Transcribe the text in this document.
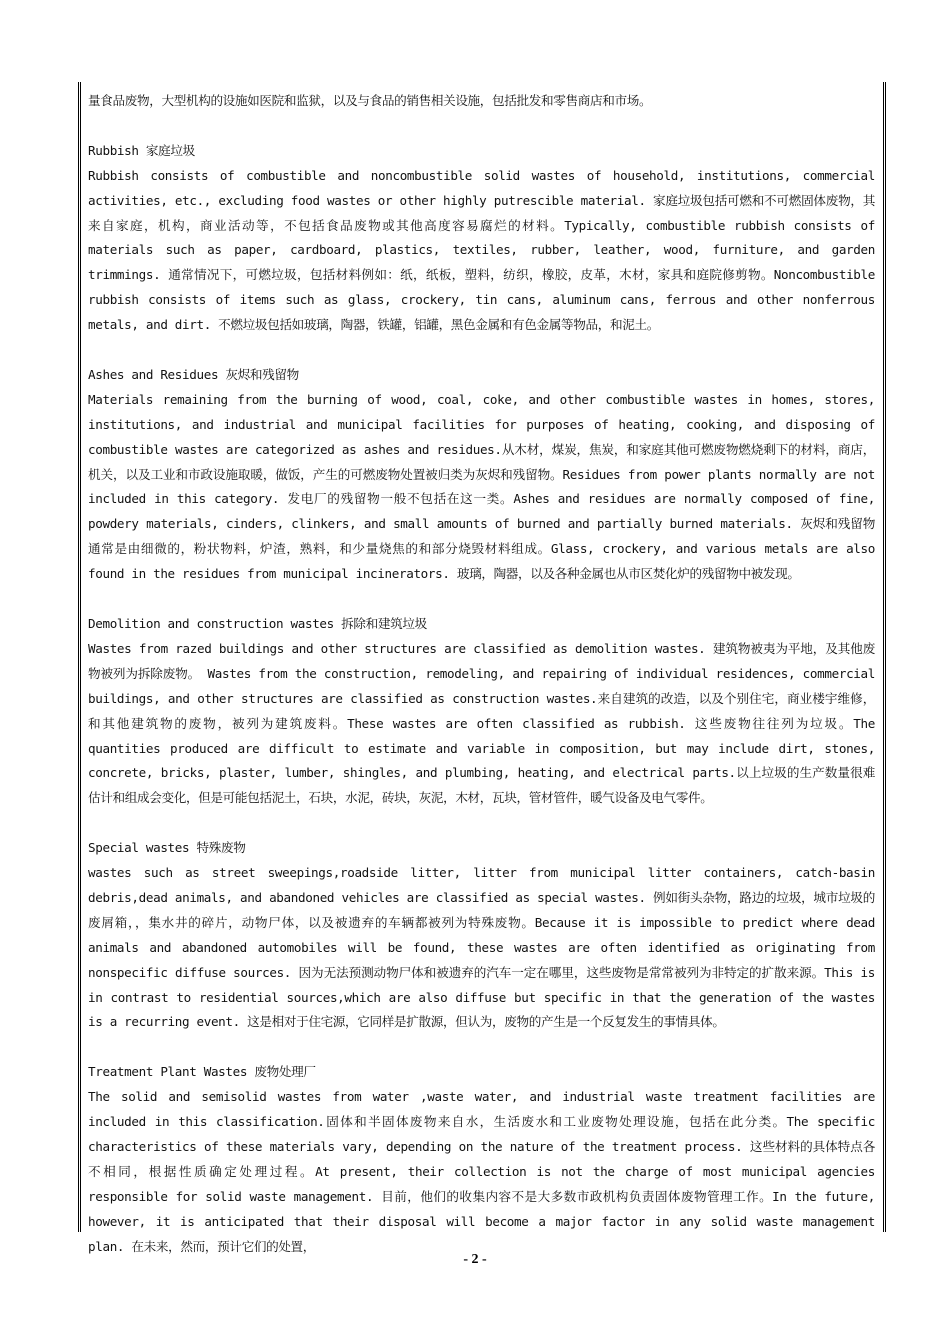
量食品废物，大型机构的设施如医院和监狱，以及与食品的销售相关设施，包括批发和零售商店和市场。

Rubbish 家庭垃圾

Rubbish consists of combustible and noncombustible solid wastes of household, institutions, commercial activities, etc., excluding food wastes or other highly putrescible material. 家庭垃圾包括可燃和不可燃固体废物，其来自家庭，机构，商业活动等，不包括食品废物或其他高度容易腐烂的材料。Typically, combustible rubbish consists of materials such as paper, cardboard, plastics, textiles, rubber, leather, wood, furniture, and garden trimmings. 通常情况下，可燃垃圾，包括材料例如：纸，纸板，塑料，纺织，橡胶，皮革，木材，家具和庭院修剪物。Noncombustible rubbish consists of items such as glass, crockery, tin cans, aluminum cans, ferrous and other nonferrous metals, and dirt. 不燃垃圾包括如玻璃，陶器，铁罐，铝罐，黑色金属和有色金属等物品，和泥土。

Ashes and Residues 灰烬和残留物

Materials remaining from the burning of wood, coal, coke, and other combustible wastes in homes, stores, institutions, and industrial and municipal facilities for purposes of heating, cooking, and disposing of combustible wastes are categorized as ashes and residues.从木材，煤炭，焦炭，和家庭其他可燃废物燃烧剩下的材料，商店，机关，以及工业和市政设施取暖，做饭，产生的可燃废物处置被归类为灰烬和残留物。Residues from power plants normally are not included in this category. 发电厂的残留物一般不包括在这一类。Ashes and residues are normally composed of fine, powdery materials, cinders, clinkers, and small amounts of burned and partially burned materials. 灰烬和残留物通常是由细微的，粉状物料，炉渣，熟料，和少量烧焦的和部分烧毁材料组成。Glass, crockery, and various metals are also found in the residues from municipal incinerators. 玻璃，陶器，以及各种金属也从市区焚化炉的残留物中被发现。

Demolition and construction wastes 拆除和建筑垃圾

Wastes from razed buildings and other structures are classified as demolition wastes. 建筑物被夷为平地，及其他废物被列为拆除废物。 Wastes from the construction, remodeling, and repairing of individual residences, commercial buildings, and other structures are classified as construction wastes.来自建筑的改造，以及个别住宅，商业楼宇维修，和其他建筑物的废物，被列为建筑废料。These wastes are often classified as rubbish. 这些废物往往列为垃圾。The quantities produced are difficult to estimate and variable in composition, but may include dirt, stones, concrete, bricks, plaster, lumber, shingles, and plumbing, heating, and electrical parts.以上垃圾的生产数量很难估计和组成会变化，但是可能包括泥土，石块，水泥，砖块，灰泥，木材，瓦块，管材管件，暖气设备及电气零件。

Special wastes 特殊废物

wastes such as street sweepings,roadside litter, litter from municipal litter containers, catch-basin debris,dead animals, and abandoned vehicles are classified as special wastes. 例如街头杂物，路边的垃圾，城市垃圾的废屑箱，，集水井的碎片，动物尸体，以及被遗弃的车辆都被列为特殊废物。Because it is impossible to predict where dead animals and abandoned automobiles will be found, these wastes are often identified as originating from nonspecific diffuse sources. 因为无法预测动物尸体和被遗弃的汽车一定在哪里，这些废物是常常被列为非特定的扩散来源。This is in contrast to residential sources,which are also diffuse but specific in that the generation of the wastes is a recurring event. 这是相对于住宅源，它同样是扩散源，但认为，废物的产生是一个反复发生的事情具体。

Treatment Plant Wastes 废物处理厂

The solid and semisolid wastes from water ,waste water, and industrial waste treatment facilities are included in this classification.固体和半固体废物来自水，生活废水和工业废物处理设施，包括在此分类。The specific characteristics of these materials vary, depending on the nature of the treatment process. 这些材料的具体特点各不相同，根据性质确定处理过程。At present, their collection is not the charge of most municipal agencies responsible for solid waste management. 目前，他们的收集内容不是大多数市政机构负责固体废物管理工作。In the future, however, it is anticipated that their disposal will become a major factor in any solid waste management plan. 在未来，然而，预计它们的处置，

- 2 -
